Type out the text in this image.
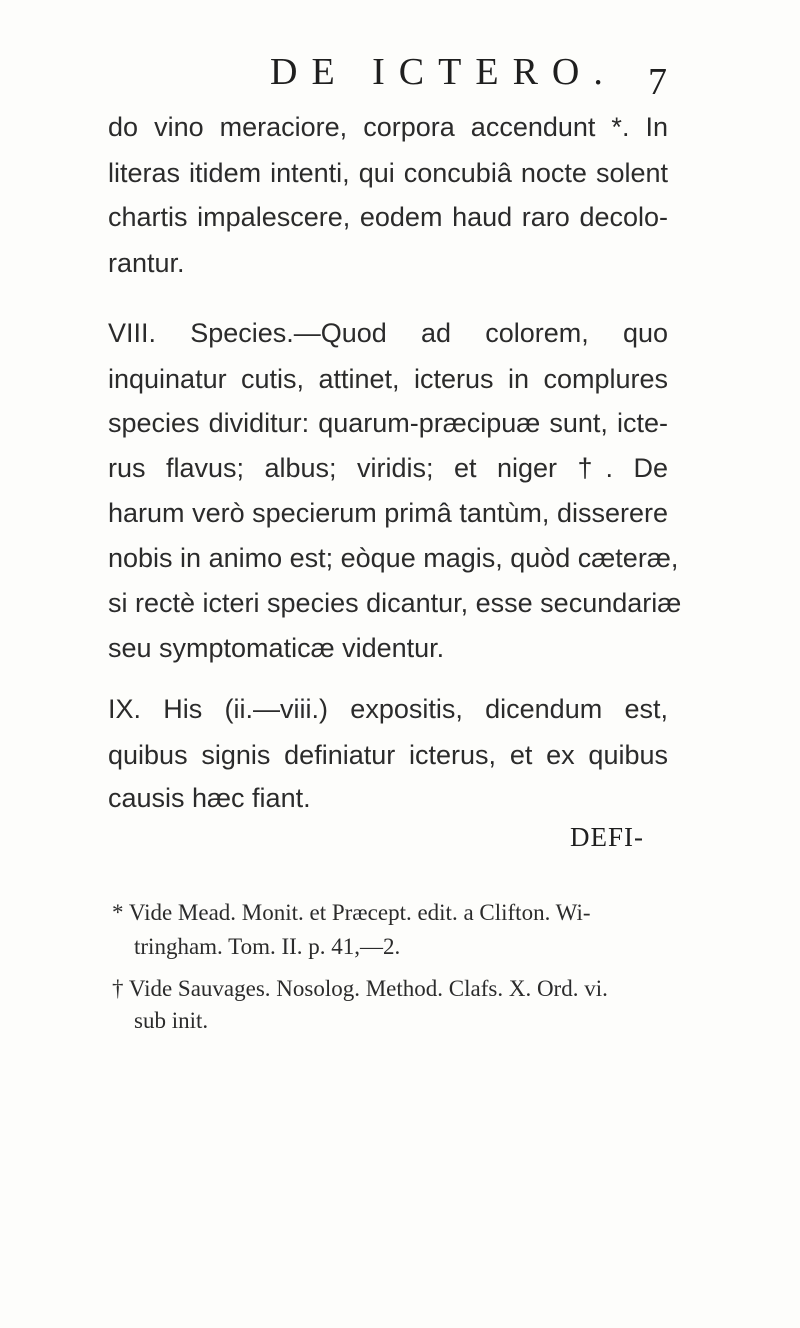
DE ICTERO. 7
do vino meraciore, corpora accendunt *. In
literas itidem intenti, qui concubiâ nocte solent
chartis impalescere, eodem haud raro decolo-
rantur.
VIII. Species.—Quod ad colorem, quo
inquinatur cutis, attinet, icterus in complures
species dividitur: quarum-præcipuæ sunt, icte-
rus flavus; albus; viridis; et niger †. De
harum verò specierum primâ tantùm, disserere
nobis in animo est; eòque magis, quòd cæteræ,
si rectè icteri species dicantur, esse secundariæ
seu symptomaticæ videntur.
IX. His (ii.—viii.) expositis, dicendum est,
quibus signis definiatur icterus, et ex quibus
causis hæc fiant.
DEFI-
* Vide Mead. Monit. et Præcept. edit. a Clifton. Wi-
tringham. Tom. II. p. 41,—2.
† Vide Sauvages. Nosolog. Method. Clafs. X. Ord. vi.
sub init.
